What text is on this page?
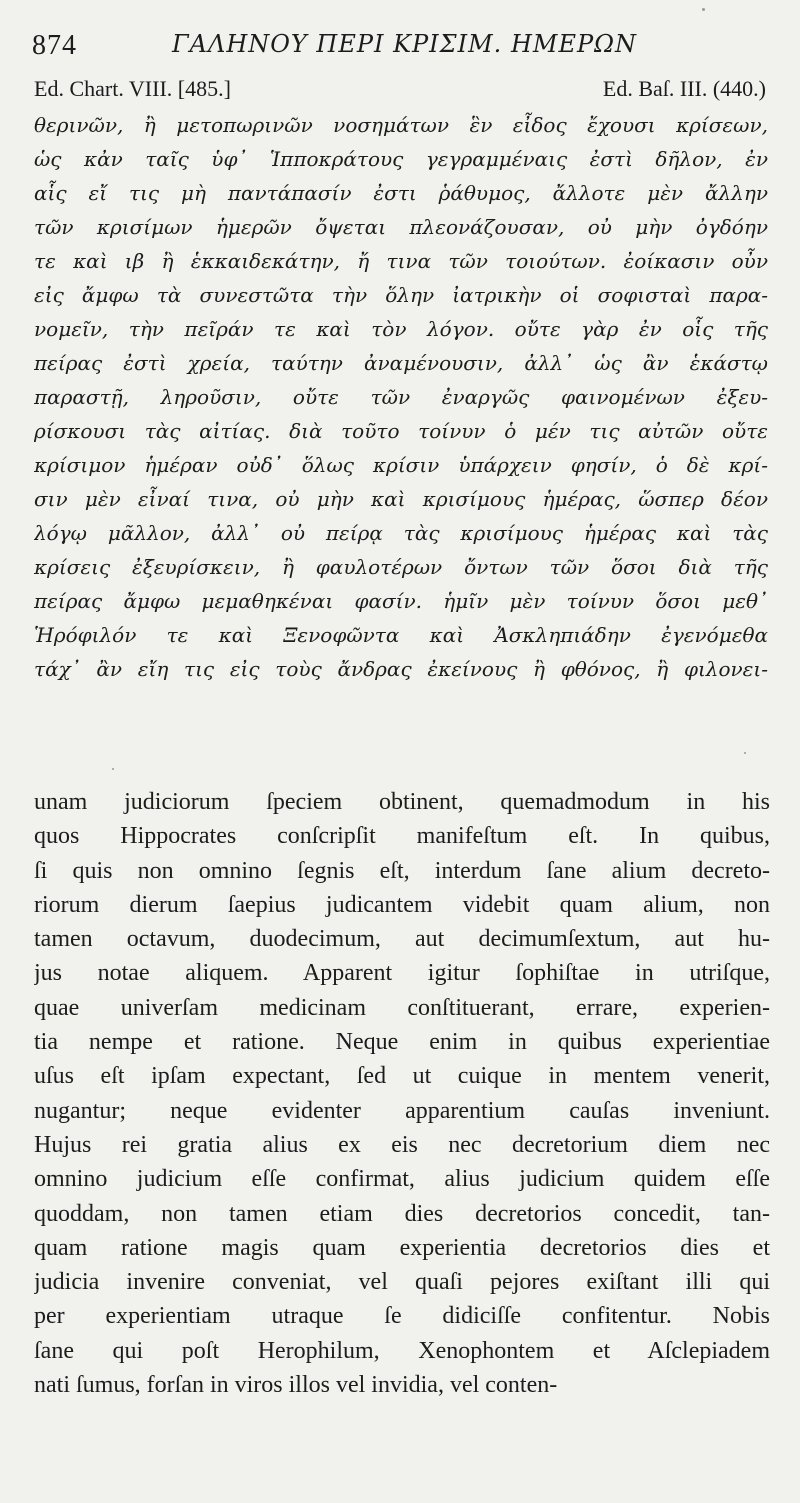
874	ΓΑΛΗΝΟΥ ΠΕΡΙ ΚΡΙΣΙΜ. ΗΜΕΡΩΝ
Ed. Chart. VIII. [485.]	Ed. Baſ. III. (440.)
θερινῶν, ἢ μετοπωρινῶν νοσημάτων ἓν εἶδος ἔχουσι κρίσεων,
ὡς κἀν ταῖς ὑφ᾽ Ἱπποκράτους γεγραμμέναις ἐστὶ δῆλον, ἐν
αἷς εἴ τις μὴ παντάπασίν ἐστι ῥάθυμος, ἄλλοτε μὲν ἄλλην
τῶν κρισίμων ἡμερῶν ὄψεται πλεονάζουσαν, οὐ μὴν ὀγδόην
τε καὶ ιβ ἢ ἑκκαιδεκάτην, ἤ τινα τῶν τοιούτων. ἐοίκασιν οὖν
εἰς ἄμφω τὰ συνεστῶτα τὴν ὅλην ἰατρικὴν οἱ σοφισταὶ παρα-
νομεῖν, τὴν πεῖράν τε καὶ τὸν λόγον. οὔτε γὰρ ἐν οἷς τῆς
πείρας ἐστὶ χρεία, ταύτην ἀναμένουσιν, ἀλλ᾽ ὡς ἂν ἑκάστῳ
παραστῇ, ληροῦσιν, οὔτε τῶν ἐναργῶς φαινομένων ἐξευ-
ρίσκουσι τὰς αἰτίας. διὰ τοῦτο τοίνυν ὁ μέν τις αὐτῶν οὔτε
κρίσιμον ἡμέραν οὐδ᾽ ὅλως κρίσιν ὑπάρχειν φησίν, ὁ δὲ κρί-
σιν μὲν εἶναί τινα, οὐ μὴν καὶ κρισίμους ἡμέρας, ὥσπερ δέον
λόγῳ μᾶλλον, ἀλλ᾽ οὐ πείρᾳ τὰς κρισίμους ἡμέρας καὶ τὰς
κρίσεις ἐξευρίσκειν, ἢ φαυλοτέρων ὄντων τῶν ὅσοι διὰ τῆς
πείρας ἄμφω μεμαθηκέναι φασίν. ἡμῖν μὲν τοίνυν ὅσοι μεθ᾽
Ἡρόφιλόν τε καὶ Ξενοφῶντα καὶ Ἀσκληπιάδην ἐγενόμεθα
τάχ᾽ ἂν εἴη τις εἰς τοὺς ἄνδρας ἐκείνους ἢ φθόνος, ἢ φιλονει-
unam judiciorum ſpeciem obtinent, quemadmodum in his
quos Hippocrates conſcripſit manifeſtum eſt. In quibus,
ſi quis non omnino ſegnis eſt, interdum ſane alium decreto-
riorum dierum ſaepius judicantem videbit quam alium, non
tamen octavum, duodecimum, aut decimumſextum, aut hu-
jus notae aliquem. Apparent igitur ſophiſtae in utriſque,
quae univerſam medicinam conſtituerant, errare, experien-
tia nempe et ratione. Neque enim in quibus experientiae
uſus eſt ipſam expectant, ſed ut cuique in mentem venerit,
nugantur; neque evidenter apparentium cauſas inveniunt.
Hujus rei gratia alius ex eis nec decretorium diem nec
omnino judicium eſſe confirmat, alius judicium quidem eſſe
quoddam, non tamen etiam dies decretorios concedit, tan-
quam ratione magis quam experientia decretorios dies et
judicia invenire conveniat, vel quaſi pejores exiſtant illi qui
per experientiam utraque ſe didiciſſe confitentur. Nobis
ſane qui poſt Herophilum, Xenophontem et Aſclepiadem
nati ſumus, forſan in viros illos vel invidia, vel conten-
